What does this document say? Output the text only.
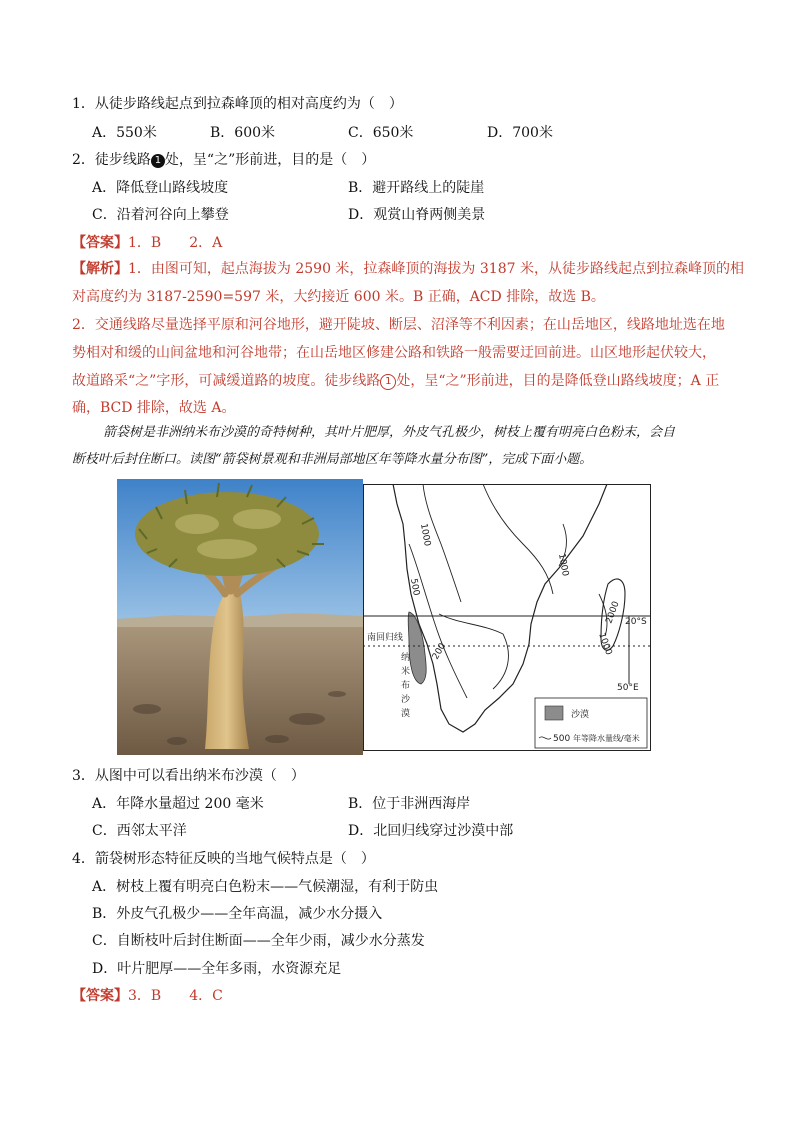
1．从徒步路线起点到拉森峰顶的相对高度约为（　）
A．550米	B．600米	C．650米	D．700米
2．徒步线路 1 处，呈“之”形前进，目的是（　）
A．降低登山路线坡度	B．避开路线上的陡崖
C．沿着河谷向上攀登	D．观赏山脊两侧美景
【答案】1．B　　2．A
【解析】1．由图可知，起点海拔为 2590 米，拉森峰顶的海拔为 3187 米，从徒步路线起点到拉森峰顶的相
对高度约为 3187-2590=597 米，大约接近 600 米。B 正确，ACD 排除，故选 B。
2．交通线路尽量选择平原和河谷地形，避开陡坡、断层、沼泽等不利因素；在山岳地区，线路地址选在地
势相对和缓的山间盆地和河谷地带；在山岳地区修建公路和铁路一般需要迂回前进。山区地形起伏较大，
故道路采“之”字形，可减缓道路的坡度。徒步线路 1 处，呈“之”形前进，目的是降低登山路线坡度；A 正
确，BCD 排除，故选 A。
箭袋树是非洲纳米布沙漠的奇特树种，其叶片肥厚，外皮气孔极少，树枝上覆有明亮白色粉末，会自
断枝叶后封住断口。读图“箭袋树景观和非洲局部地区年等降水量分布图”，完成下面小题。
1000
1000
500
200
2000
1000
20°S
50°E
南回归线
纳
米
布
沙
漠	沙漠
500 年等降水量线/毫米
3．从图中可以看出纳米布沙漠（　）
A．年降水量超过 200 毫米	B．位于非洲西海岸
C．西邻太平洋	D．北回归线穿过沙漠中部
4．箭袋树形态特征反映的当地气候特点是（　）
A．树枝上覆有明亮白色粉末——气候潮湿，有利于防虫
B．外皮气孔极少——全年高温，减少水分摄入
C．自断枝叶后封住断面——全年少雨，减少水分蒸发
D．叶片肥厚——全年多雨，水资源充足
【答案】3．B　　4．C
